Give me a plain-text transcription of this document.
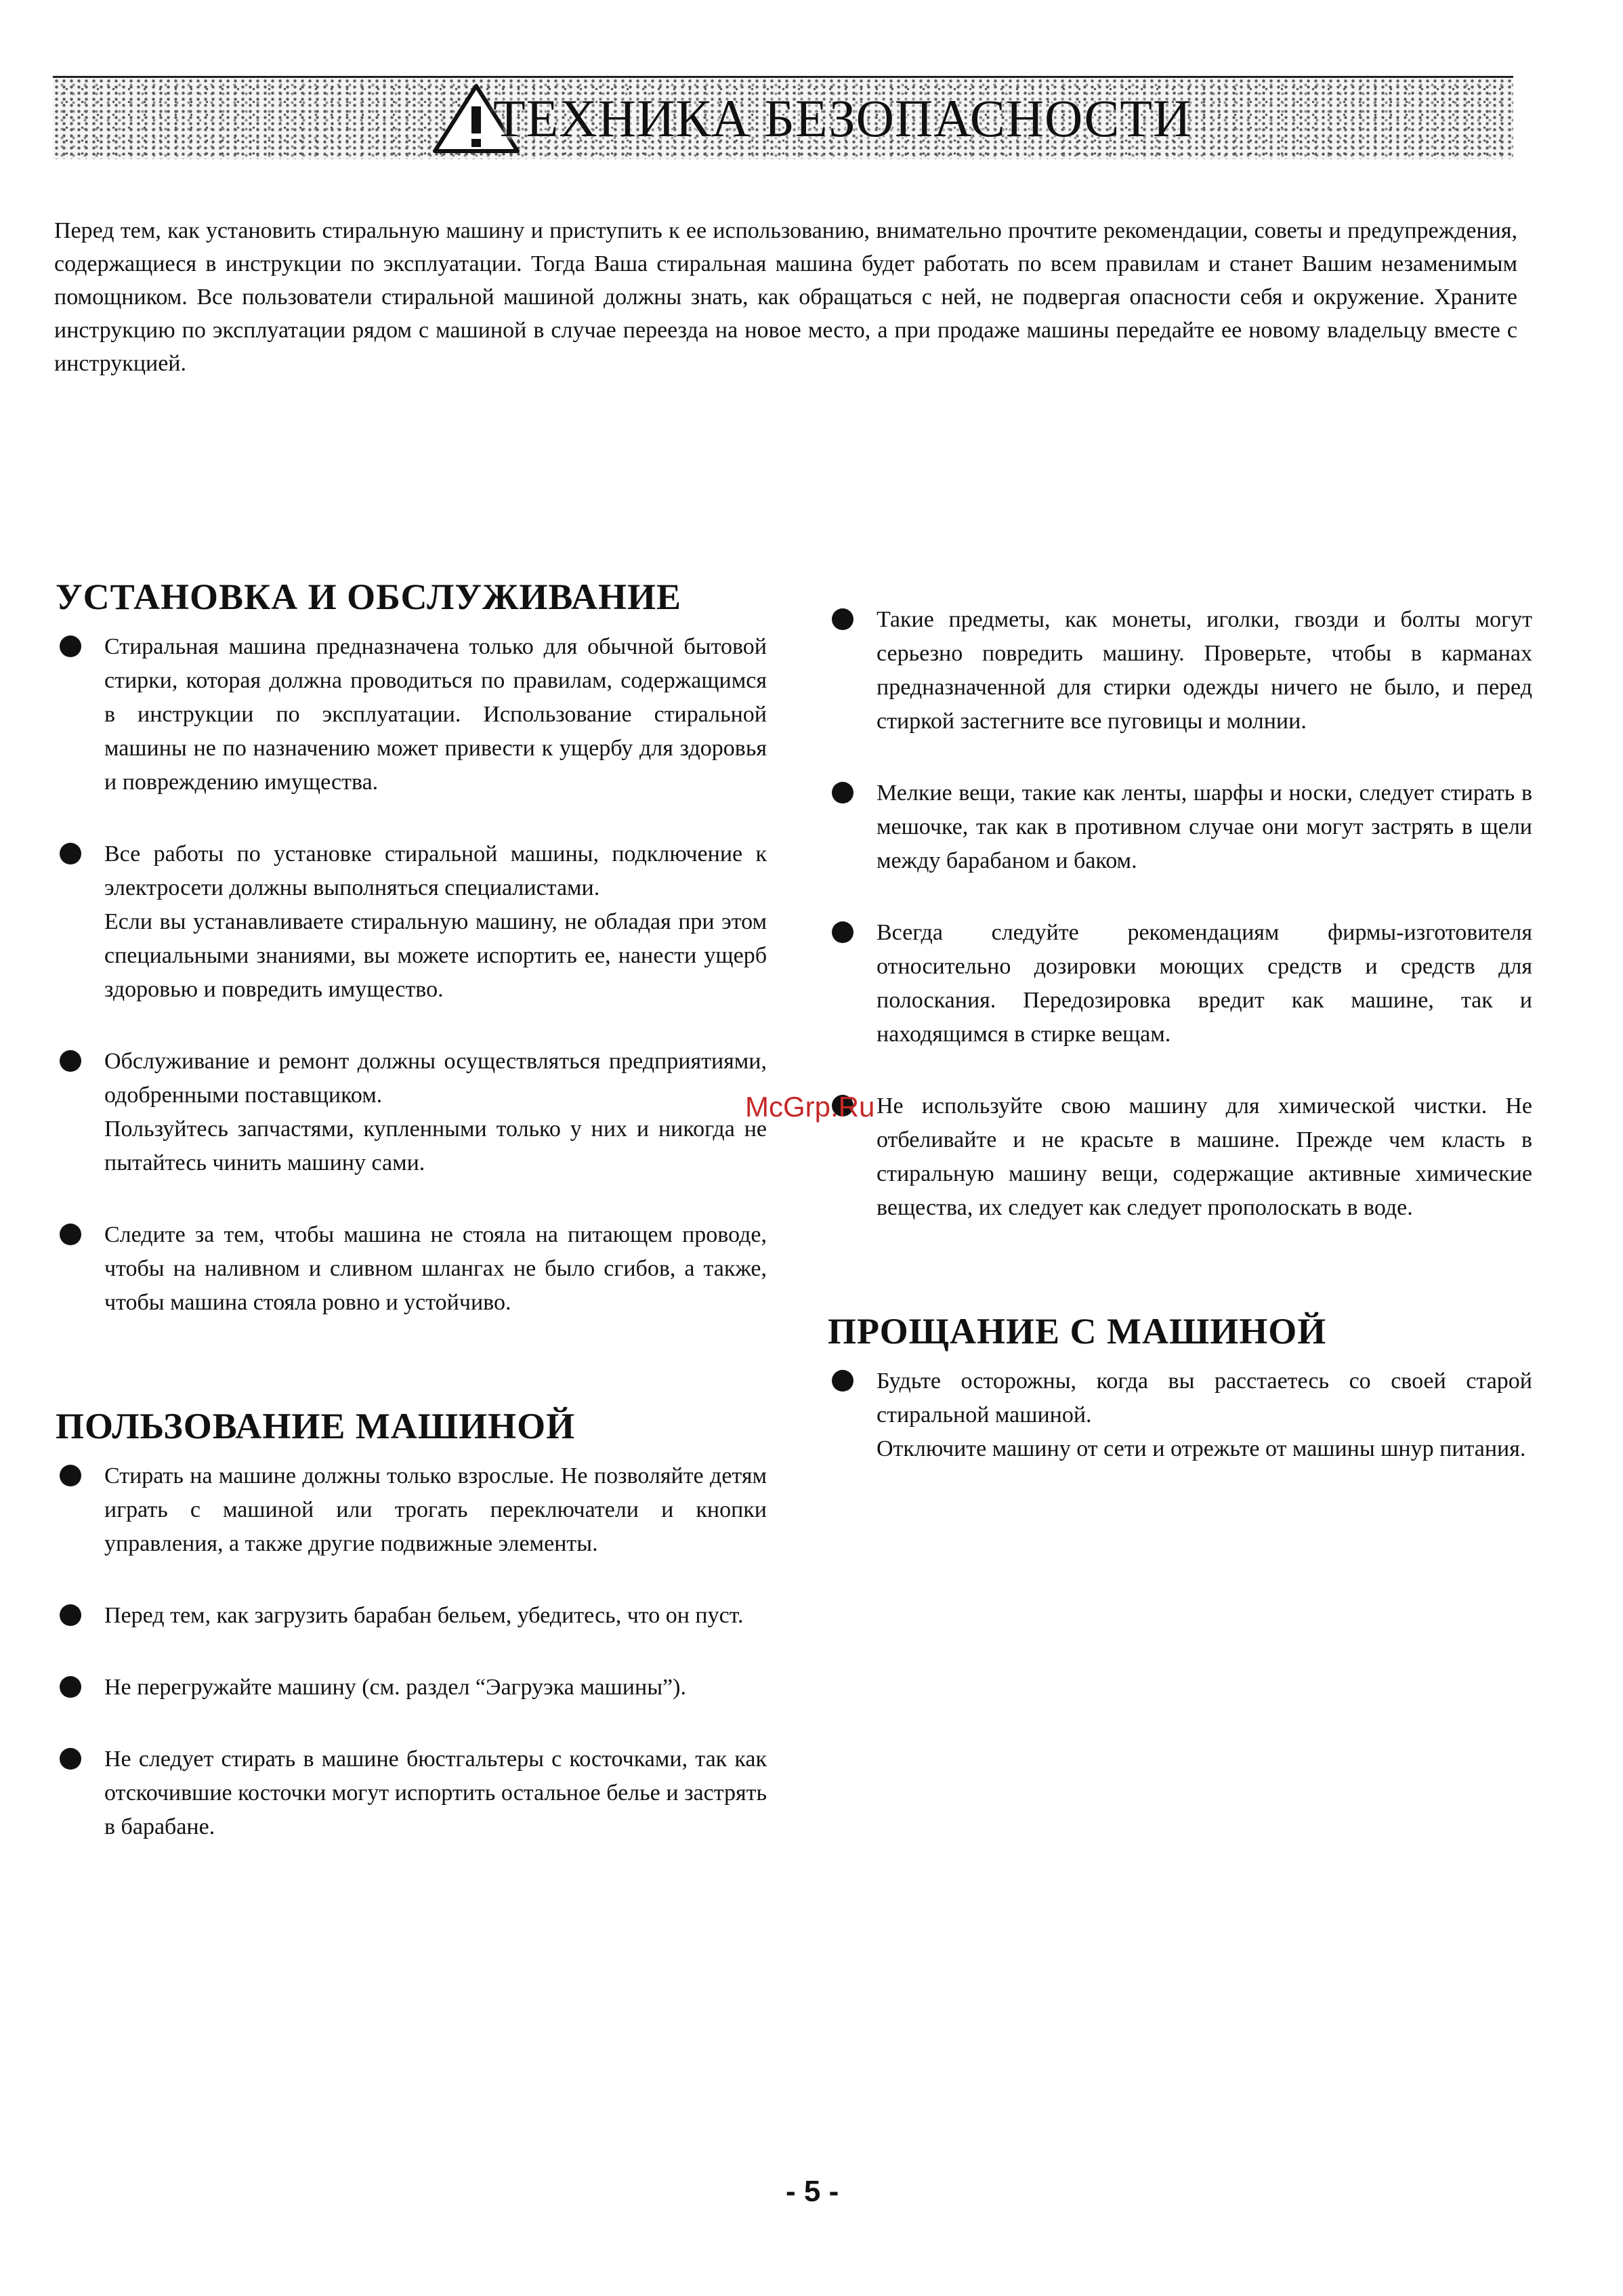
ТЕХНИКА БЕЗОПАСНОСТИ

Перед тем, как установить стиральную машину и приступить к ее использованию, внимательно прочтите рекомендации, советы и предупреждения, содержащиеся в инструкции по эксплуатации. Тогда Ваша стиральная машина будет работать по всем правилам и станет Вашим незаменимым помощником. Все пользователи стиральной машиной должны знать, как обращаться с ней, не подвергая опасности себя и окружение. Храните инструкцию по эксплуатации рядом с машиной в случае переезда на новое место, а при продаже машины передайте ее новому владельцу вместе с инструкцией.

УСТАНОВКА И ОБСЛУЖИВАНИЕ
Стиральная машина предназначена только для обычной бытовой стирки, которая должна проводиться по правилам, содержащимся в инструкции по эксплуатации. Использование стиральной машины не по назначению может привести к ущербу для здоровья и повреждению имущества.
Все работы по установке стиральной машины, подключение к электросети должны выполняться специалистами.
Если вы устанавливаете стиральную машину, не обладая при этом специальными знаниями, вы можете испортить ее, нанести ущерб здоровью и повредить имущество.
Обслуживание и ремонт должны осуществляться предприятиями, одобренными поставщиком.
Пользуйтесь запчастями, купленными только у них и никогда не пытайтесь чинить машину сами.
Следите за тем, чтобы машина не стояла на питающем проводе, чтобы на наливном и сливном шлангах не было сгибов, а также, чтобы машина стояла ровно и устойчиво.
ПОЛЬЗОВАНИЕ МАШИНОЙ
Стирать на машине должны только взрослые. Не позволяйте детям играть с машиной или трогать переключатели и кнопки управления, а также другие подвижные элементы.
Перед тем, как загрузить барабан бельем, убедитесь, что он пуст.
Не перегружайте машину (см. раздел “Эагруэка машины”).
Не следует стирать в машине бюстгальтеры с косточками, так как отскочившие косточки могут испортить остальное белье и застрять в барабане.
Такие предметы, как монеты, иголки, гвозди и болты могут серьезно повредить машину. Проверьте, чтобы в карманах предназначенной для стирки одежды ничего не было, и перед стиркой застегните все пуговицы и молнии.
Мелкие вещи, такие как ленты, шарфы и носки, следует стирать в мешочке, так как в противном случае они могут застрять в щели между барабаном и баком.
Всегда следуйте рекомендациям фирмы-изготовителя относительно дозировки моющих средств и средств для полоскания. Передозировка вредит как машине, так и находящимся в стирке вещам.
Не используйте свою машину для химической чистки. Не отбеливайте и не красьте в машине. Прежде чем класть в стиральную машину вещи, содержащие активные химические вещества, их следует как следует прополоскать в воде.
ПРОЩАНИЕ С МАШИНОЙ
Будьте осторожны, когда вы расстаетесь со своей старой стиральной машиной.
Отключите машину от сети и отрежьте от машины шнур питания.
McGrp.Ru
- 5 -
